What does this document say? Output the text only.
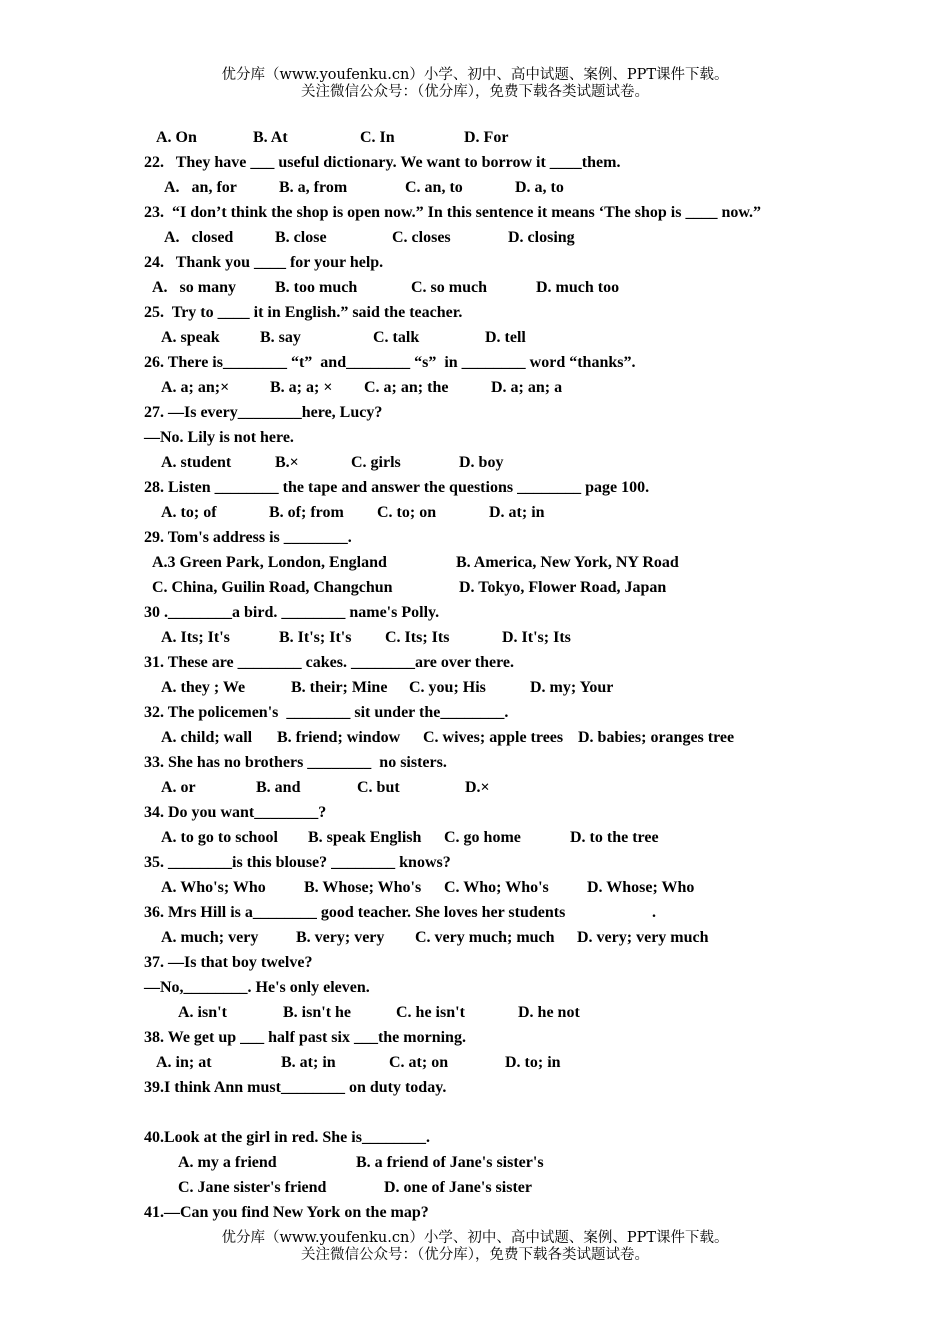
优分库（www.youfenku.cn）小学、初中、高中试题、案例、PPT课件下载。
关注微信公众号：（优分库），免费下载各类试题试卷。
A. On	B. At	C. In	D. For
22.   They have ___ useful dictionary. We want to borrow it ____them.
A.   an, for	B. a, from	C. an, to	D. a, to
23.  “I don’t think the shop is open now.” In this sentence it means ‘The shop is ____ now.”
A.   closed	B. close	C. closes	D. closing
24.   Thank you ____ for your help.
A.   so many B. too much	C. so much	D. much too
25.  Try to ____ it in English.” said the teacher.
A. speak	B. say	C. talk	D. tell
26. There is________ “t”  and________ “s”  in ________ word “thanks”.
A. a; an;×	B. a; a; × C. a; an; the	D. a; an; a
27. —Is every________here, Lucy?
—No. Lily is not here.
A. student	B.×	C. girls	D. boy
28. Listen ________ the tape and answer the questions ________ page 100.
A. to; of	B. of; from C. to; on	D. at; in
29. Tom's address is ________.
A.3 Green Park, London, England	B. America, New York, NY Road
C. China, Guilin Road, Changchun	D. Tokyo, Flower Road, Japan
30 .________a bird. ________ name's Polly.
A. Its; It's	B. It's; It's C. Its; Its	D. It's; Its
31. These are ________ cakes. ________are over there.
A. they ; We	B. their; Mine C. you; His	D. my; Your
32. The policemen's  ________ sit under the________.
A. child; wall B. friend; window C. wives; apple trees D. babies; oranges tree
33. She has no brothers ________  no sisters.
A. or	B. and	C. but	D.×
34. Do you want________?
A. to go to school B. speak English C. go home	D. to the tree
35. ________is this blouse? ________ knows?
A. Who's; Who B. Whose; Who's C. Who; Who's D. Whose; Who
36. Mrs Hill is a________ good teacher. She loves her students	.
A. much; very B. very; very C. very much; much D. very; very much
37. —Is that boy twelve?
—No,________. He's only eleven.
A. isn't	B. isn't he	C. he isn't	D. he not
38. We get up ___ half past six ___the morning.
A. in; at	B. at; in	C. at; on	D. to; in
39.I think Ann must________ on duty today.
40.Look at the girl in red. She is________.
A. my a friend	B. a friend of Jane's sister's
C. Jane sister's friend	D. one of Jane's sister
41.—Can you find New York on the map?
优分库（www.youfenku.cn）小学、初中、高中试题、案例、PPT课件下载。
关注微信公众号：（优分库），免费下载各类试题试卷。
